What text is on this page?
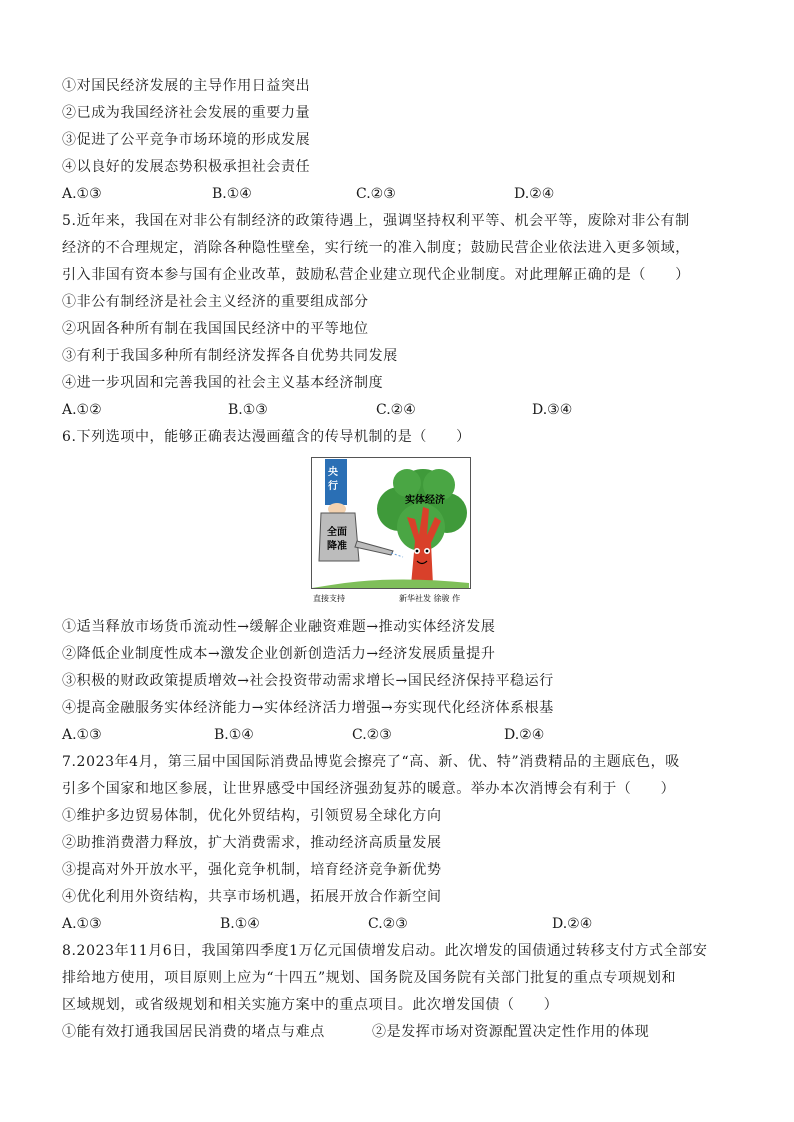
①对国民经济发展的主导作用日益突出
②已成为我国经济社会发展的重要力量
③促进了公平竞争市场环境的形成发展
④以良好的发展态势积极承担社会责任
A.①③	B.①④	C.②③	D.②④
5.近年来，我国在对非公有制经济的政策待遇上，强调坚持权利平等、机会平等，废除对非公有制
经济的不合理规定，消除各种隐性壁垒，实行统一的准入制度；鼓励民营企业依法进入更多领域，
引入非国有资本参与国有企业改革，鼓励私营企业建立现代企业制度。对此理解正确的是（　　）
①非公有制经济是社会主义经济的重要组成部分
②巩固各种所有制在我国国民经济中的平等地位
③有利于我国多种所有制经济发挥各自优势共同发展
④进一步巩固和完善我国的社会主义基本经济制度
A.①②	B.①③	C.②④	D.③④
6.下列选项中，能够正确表达漫画蕴含的传导机制的是（　　）
实体经济
央
行
全面
降准
直接支持	新华社发 徐骏 作
①适当释放市场货币流动性→缓解企业融资难题→推动实体经济发展
②降低企业制度性成本→激发企业创新创造活力→经济发展质量提升
③积极的财政政策提质增效→社会投资带动需求增长→国民经济保持平稳运行
④提高金融服务实体经济能力→实体经济活力增强→夯实现代化经济体系根基
A.①③	B.①④	C.②③	D.②④
7.2023年4月，第三届中国国际消费品博览会擦亮了“高、新、优、特”消费精品的主题底色，吸
引多个国家和地区参展，让世界感受中国经济强劲复苏的暖意。举办本次消博会有利于（　　）
①维护多边贸易体制，优化外贸结构，引领贸易全球化方向
②助推消费潜力释放，扩大消费需求，推动经济高质量发展
③提高对外开放水平，强化竞争机制，培育经济竞争新优势
④优化利用外资结构，共享市场机遇，拓展开放合作新空间
A.①③	B.①④	C.②③	D.②④
8.2023年11月6日，我国第四季度1万亿元国债增发启动。此次增发的国债通过转移支付方式全部安
排给地方使用，项目原则上应为“十四五”规划、国务院及国务院有关部门批复的重点专项规划和
区域规划，或省级规划和相关实施方案中的重点项目。此次增发国债（　　）
①能有效打通我国居民消费的堵点与难点	②是发挥市场对资源配置决定性作用的体现
